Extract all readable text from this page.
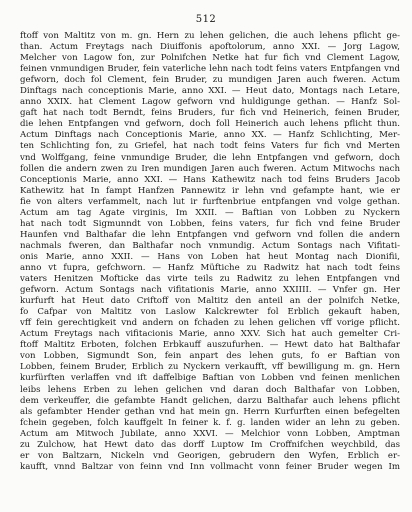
512
ftoff von Maltitz von m. gn. Hern zu lehen gelichen, die auch lehens pflicht ge-
than. Actum Freytags nach Diuiffonis apoftolorum, anno XXI. — Jorg Lagow,
Melcher von Lagow fon, zur Polnifchen Netke hat fur fich vnd Clement Lagow,
feinen vnmundigen Bruder, fein vaterliche lehn nach todt feins vaters Entpfangen vnd
gefworn, doch fol Clement, fein Bruder, zu mundigen Jaren auch fweren. Actum
Dinftags nach conceptionis Marie, anno XXI. — Heut dato, Montags nach Letare,
anno XXIX. hat Clement Lagow gefworn vnd huldigunge gethan. — Hanfz Sol-
gaft hat nach todt Berndt, feins Bruders, fur fich vnd Heinerich, feinen Bruder,
die lehen Entpfangen vnd gefworn, doch foll Heinerich auch lehens pflicht thun.
Actum Dinftags nach Conceptionis Marie, anno XX. — Hanfz Schlichting, Mer-
ten Schlichting fon, zu Griefel, hat nach todt feins Vaters fur fich vnd Merten
vnd Wolffgang, feine vnmundige Bruder, die lehn Entpfangen vnd gefworn, doch
follen die andern zwen zu Iren mundigen Jaren auch fweren. Actum Mitwochs nach
Conceptionis Marie, anno XXI. — Hans Kathewitz nach tod feins Bruders Jacob
Kathewitz hat In fampt Hanfzen Pannewitz ir lehn vnd gefampte hant, wie er
fie von alters verfammelt, nach lut ir furftenbriue entpfangen vnd volge gethan.
Actum am tag Agate virginis, Im XXII. — Baftian von Lobben zu Nyckern
hat nach todt Sigmunndt von Lobben, feins vaters, fur fich vnd feine Bruder
Haunfen vnd Balthafar die lehn Entpfangen vnd gefworn vnd follen die andern
nachmals fweren, dan Balthafar noch vnmundig. Actum Sontags nach Vifitati-
onis Marie, anno XXII. — Hans von Loben hat heut Montag nach Dionifii,
anno vt fupra, gefchworn. — Hanfz Müftiche zu Radwitz hat nach todt feins
vaters Henitzen Mofticke das virte teils zu Radwitz zu lehen Entpfangen vnd
gefworn. Actum Sontags nach vifitationis Marie, anno XXIIII. — Vnfer gn. Her
kurfurft hat Heut dato Criftoff von Maltitz den anteil an der polnifch Netke,
fo Cafpar von Maltitz von Laslow Kalckrewter fol Erblich gekauft haben,
vff fein gerechtigkeit vnd andern on fchaden zu lehen gelichen vff vorige pflicht.
Actum Freytags nach vifitacionis Marie, anno XXV. Sich hat auch gemelter Cri-
ftoff Maltitz Erboten, folchen Erbkauff auszufurhen. — Hewt dato hat Balthafar
von Lobben, Sigmundt Son, fein anpart des lehen guts, fo er Baftian von
Lobben, feinem Bruder, Erblich zu Nyckern verkaufft, vff bewilligung m. gn. Hern
kurfürften verlaffen vnd ift daffelbige Baftian von Lobben vnd feinen menlichen
leibs lehens Erben zu lehen gelichen vnd daran doch Balthafar von Lobben,
dem verkeuffer, die gefambte Handt gelichen, darzu Balthafar auch lehens pflicht
als gefambter Hender gethan vnd hat mein gn. Herrn Kurfurften einen befegelten
fchein gegeben, folch kauffgelt In feiner k. f. g. landen wider an lehn zu geben.
Actum am Mitwoch Jubilate, anno XXVI. — Melchior vonn Lobben, Amptman
zu Zulchow, hat Hewt dato das dorff Luptow Im Croffnifchen weychbild, das
er von Baltzarn, Nickeln vnd Georigen, gebrudern den Wyfen, Erblich er-
kaufft, vnnd Baltzar von feinn vnd Inn vollmacht vonn feiner Bruder wegen Im
